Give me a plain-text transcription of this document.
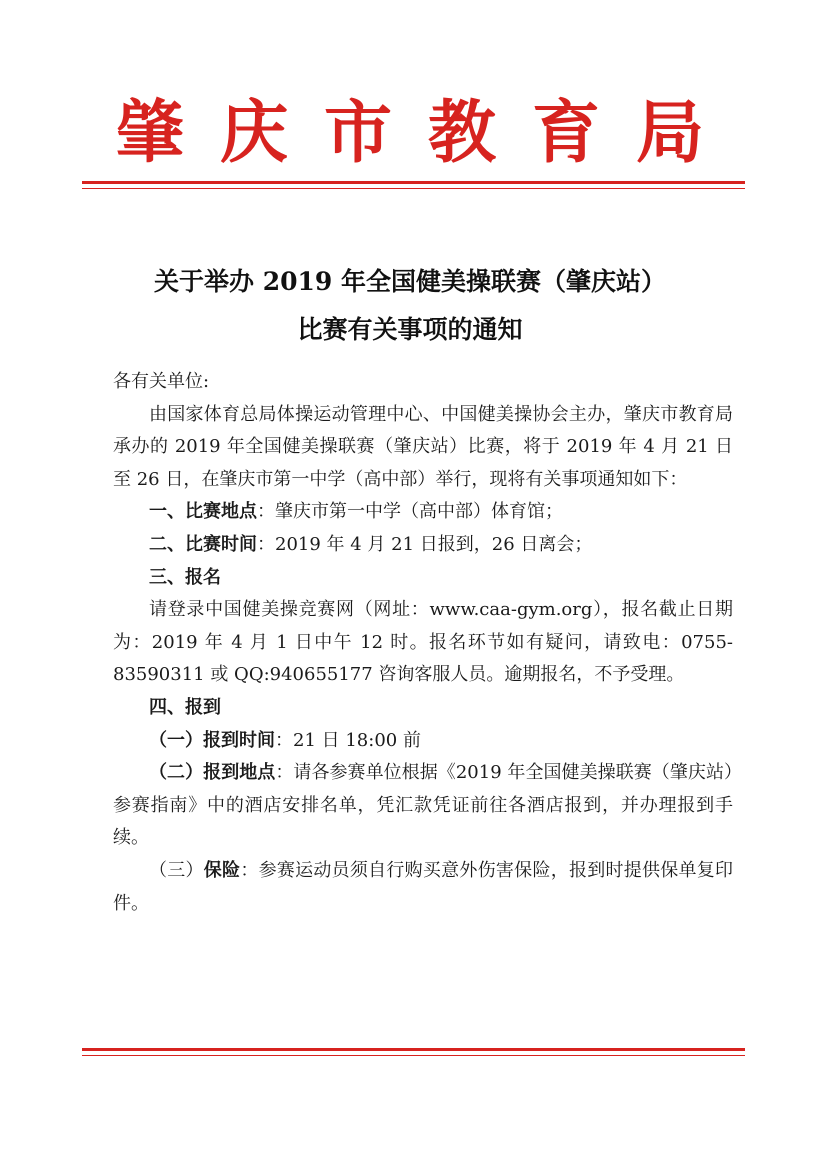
肇庆市教育局
关于举办 2019 年全国健美操联赛（肇庆站）
比赛有关事项的通知

各有关单位:

由国家体育总局体操运动管理中心、中国健美操协会主办，肇庆市教育局承办的 2019 年全国健美操联赛（肇庆站）比赛，将于 2019 年 4 月 21 日至 26 日，在肇庆市第一中学（高中部）举行，现将有关事项通知如下：

一、比赛地点：肇庆市第一中学（高中部）体育馆；

二、比赛时间：2019 年 4 月 21 日报到，26 日离会；

三、报名

请登录中国健美操竞赛网（网址：www.caa-gym.org），报名截止日期为：2019 年 4 月 1 日中午 12 时。报名环节如有疑问，请致电：0755-83590311 或 QQ:940655177 咨询客服人员。逾期报名，不予受理。

四、报到

（一）报到时间：21 日 18:00 前

（二）报到地点：请各参赛单位根据《2019 年全国健美操联赛（肇庆站）参赛指南》中的酒店安排名单，凭汇款凭证前往各酒店报到，并办理报到手续。

（三）保险：参赛运动员须自行购买意外伤害保险，报到时提供保单复印件。
